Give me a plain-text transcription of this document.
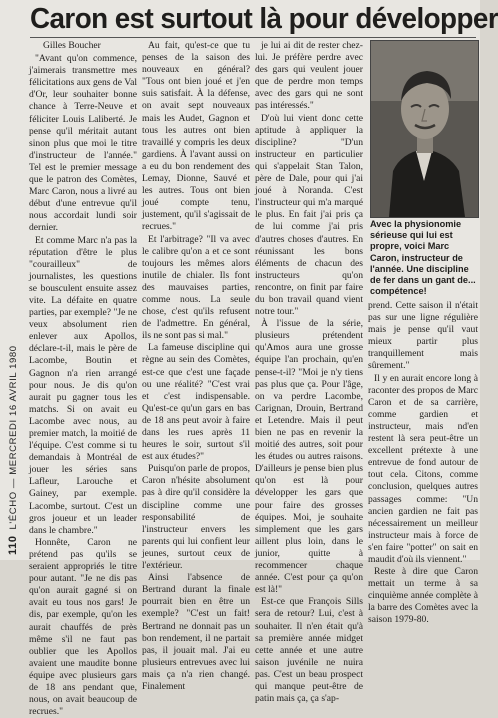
Caron est surtout là pour développer
110L'ÉCHO — MERCREDI 16 AVRIL 1980

Gilles Boucher

"Avant qu'on commence, j'aimerais transmettre mes félicitations aux gens de Val d'Or, leur souhaiter bonne chance à Terre-Neuve et féliciter Louis Laliberté. Je pense qu'il méritait autant sinon plus que moi le titre d'instructeur de l'année." Tel est le premier message que le patron des Comètes, Marc Caron, nous a livré au début d'une entrevue qu'il nous accordait lundi soir dernier.

Et comme Marc n'a pas la réputation d'être le plus "courailleux" de journalistes, les questions se bousculent ensuite assez vite. La défaite en quatre parties, par exemple? "Je ne veux absolument rien enlever aux Apollos, déclare-t-il, mais le père de Lacombe, Boutin et Gagnon n'a rien arrangé pour nous. Je dis qu'on aurait pu gagner tous les matchs. Si on avait eu Lacombe avec nous, au premier match, la moitié de l'équipe. C'est comme si tu demandais à Montréal de jouer les séries sans Lafleur, Larouche et Gainey, par exemple. Lacombe, surtout. C'est un gros joueur et un leader dans le chambre."

Honnête, Caron ne prétend pas qu'ils se seraient appropriés le titre pour autant. "Je ne dis pas qu'on aurait gagné si on avait eu tous nos gars! Je dis, par exemple, qu'on les aurait chauffés de près même s'il ne faut pas oublier que les Apollos avaient une maudite bonne équipe avec plusieurs gars de 18 ans pendant que, nous, on avait beaucoup de recrues."

Au fait, qu'est-ce que tu penses de la saison des nouveaux en général? "Tous ont bien joué et j'en suis satisfait. À la défense, on avait sept nouveaux mais les Audet, Gagnon et tous les autres ont bien travaillé y compris les deux gardiens. À l'avant aussi on a eu du bon rendement des Lemay, Dionne, Sauvé et les autres. Tous ont bien joué compte tenu, justement, qu'il s'agissait de recrues."

Et l'arbitrage? "Il va avec le calibre qu'on a et ce sont toujours les mêmes alors inutile de chialer. Ils font des mauvaises parties, comme nous. La seule chose, c'est qu'ils refusent de l'admettre. En général, ils ne sont pas si mal."

La fameuse discipline qui règne au sein des Comètes, est-ce que c'est une façade ou une réalité? "C'est vrai et c'est indispensable. Qu'est-ce qu'un gars en bas de 18 ans peut avoir à faire dans les rues après 11 heures le soir, surtout s'il est aux études?"

Puisqu'on parle de propos, Caron n'hésite absolument pas à dire qu'il considère la discipline comme une responsabilité de l'instructeur envers les parents qui lui confient leur jeunes, surtout ceux de l'extérieur.

Ainsi l'absence de Bertrand durant la finale pourrait bien en être un exemple? "C'est un fait! Bertrand ne donnait pas un bon rendement, il ne partait pas, il jouait mal. J'ai eu plusieurs entrevues avec lui mais ça n'a rien changé. Finalement

je lui ai dit de rester chez-lui. Je préfère perdre avec des gars qui veulent jouer que de perdre mon temps avec des gars qui ne sont pas intéressés."

D'où lui vient donc cette aptitude à appliquer la discipline? "D'un instructeur en particulier qui s'appelait Stan Talon, père de Dale, pour qui j'ai joué à Noranda. C'est l'instructeur qui m'a marqué le plus. En fait j'ai pris ça de lui comme j'ai pris d'autres choses d'autres. En réunissant les bons éléments de chacun des instructeurs qu'on rencontre, on finit par faire du bon travail quand vient notre tour."

À l'issue de la série, plusieurs prétendent qu'Amos aura une grosse équipe l'an prochain, qu'en pense-t-il? "Moi je n'y tiens pas plus que ça. Pour l'âge, on va perdre Lacombe, Carignan, Drouin, Bertrand et Letendre. Mais il peut bien ne pas en revenir la moitié des autres, soit pour les études ou autres raisons. D'ailleurs je pense bien plus qu'on est là pour développer les gars que pour faire des grosses équipes. Moi, je souhaite simplement que les gars aillent plus loin, dans le junior, quitte à recommencer chaque année. C'est pour ça qu'on est là!"

Est-ce que François Sills sera de retour? Lui, c'est à souhaiter. Il n'en était qu'à sa première année midget cette année et une autre saison juvénile ne nuira pas. C'est un beau prospect qui manque peut-être de patin mais ça, ça s'ap-

Avec la physionomie sérieuse qui lui est propre, voici Marc Caron, instructeur de l'année. Une discipline de fer dans un gant de... compétence!

prend. Cette saison il n'était pas sur une ligne régulière mais je pense qu'il vaut mieux partir plus tranquillement mais sûrement."

Il y en aurait encore long à raconter des propos de Marc Caron et de sa carrière, comme gardien et instructeur, mais nd'en restent là sera peut-être un excellent prétexte à une entrevue de fond autour de tout cela. Citons, comme conclusion, quelques autres passages comme: "Un ancien gardien ne fait pas nécessairement un meilleur instructeur mais à force de s'en faire "potter" on sait en maudit d'où ils viennent."

Reste à dire que Caron mettait un terme à sa cinquième année complète à la barre des Comètes avec la saison 1979-80.
